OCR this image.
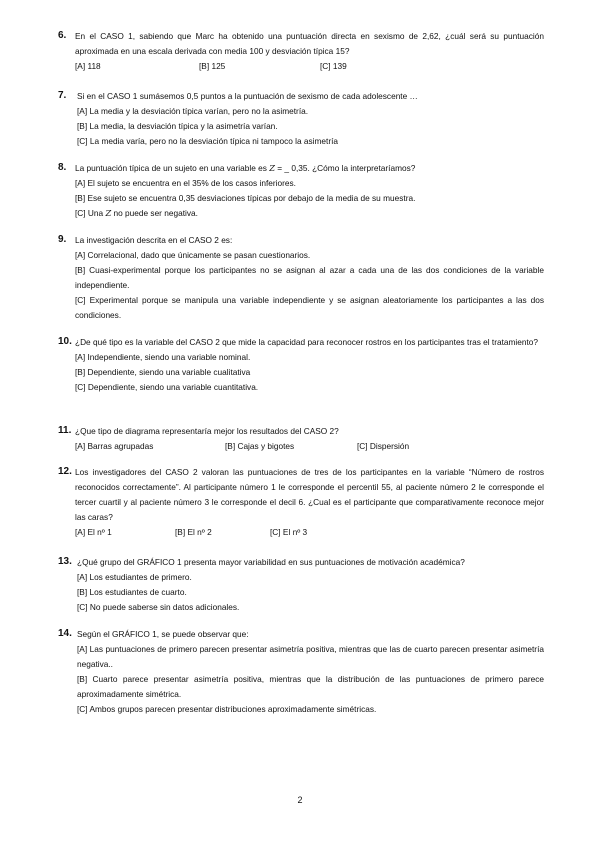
6. En el CASO 1, sabiendo que Marc ha obtenido una puntuación directa en sexismo de 2,62, ¿cuál será su puntuación aproximada en una escala derivada con media 100 y desviación típica 15?
[A] 118	[B] 125	[C] 139
7. Si en el CASO 1 sumásemos 0,5 puntos a la puntuación de sexismo de cada adolescente …
[A] La media y la desviación típica varían, pero no la asimetría.
[B] La media, la desviación típica y la asimetría varían.
[C] La media varía, pero no la desviación típica ni tampoco la asimetría
8. La puntuación típica de un sujeto en una variable es Z = _ 0,35. ¿Cómo la interpretaríamos?
[A] El sujeto se encuentra en el 35% de los casos inferiores.
[B] Ese sujeto se encuentra 0,35 desviaciones típicas por debajo de la media de su muestra.
[C] Una Z no puede ser negativa.
9. La investigación descrita en el CASO 2 es:
[A] Correlacional, dado que únicamente se pasan cuestionarios.
[B] Cuasi-experimental porque los participantes no se asignan al azar a cada una de las dos condiciones de la variable independiente.
[C] Experimental porque se manipula una variable independiente y se asignan aleatoriamente los participantes a las dos condiciones.
10. ¿De qué tipo es la variable del CASO 2 que mide la capacidad para reconocer rostros en los participantes tras el tratamiento?
[A] Independiente, siendo una variable nominal.
[B] Dependiente, siendo una variable cualitativa
[C] Dependiente, siendo una variable cuantitativa.
11. ¿Que tipo de diagrama representaría mejor los resultados del CASO 2?
[A] Barras agrupadas	[B] Cajas y bigotes	[C] Dispersión
12. Los investigadores del CASO 2 valoran las puntuaciones de tres de los participantes en la variable “Número de rostros reconocidos correctamente”. Al participante número 1 le corresponde el percentil 55, al paciente número 2 le corresponde el tercer cuartil y al paciente número 3 le corresponde el decil 6. ¿Cual es el participante que comparativamente reconoce mejor las caras?
[A] El nº 1	[B] El nº 2	[C] El nº 3
13. ¿Qué grupo del GRÁFICO 1 presenta mayor variabilidad en sus puntuaciones de motivación académica?
[A] Los estudiantes de primero.
[B] Los estudiantes de cuarto.
[C] No puede saberse sin datos adicionales.
14. Según el GRÁFICO 1, se puede observar que:
[A] Las puntuaciones de primero parecen presentar asimetría positiva, mientras que las de cuarto parecen presentar asimetría negativa..
[B] Cuarto parece presentar asimetría positiva, mientras que la distribución de las puntuaciones de primero parece aproximadamente simétrica.
[C] Ambos grupos parecen presentar distribuciones aproximadamente simétricas.
2
